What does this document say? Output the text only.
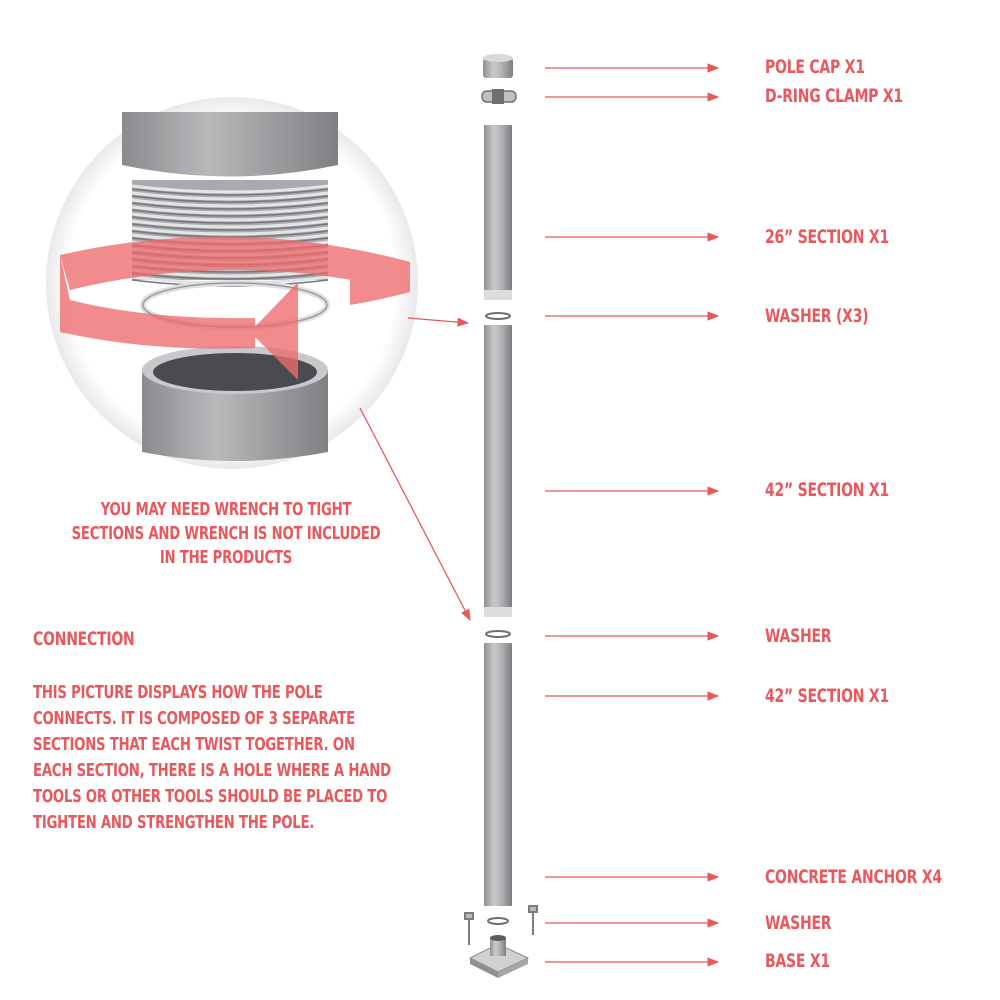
POLE CAP X1
D-RING CLAMP X1
26” SECTION X1
WASHER (X3)
42” SECTION X1
WASHER
42” SECTION X1
CONCRETE ANCHOR X4
WASHER
BASE X1
YOU MAY NEED WRENCH TO TIGHT SECTIONS AND WRENCH IS NOT INCLUDED IN THE PRODUCTS
CONNECTION
THIS PICTURE DISPLAYS HOW THE POLE CONNECTS. IT IS COMPOSED OF 3 SEPARATE SECTIONS THAT EACH TWIST TOGETHER. ON EACH SECTION, THERE IS A HOLE WHERE A HAND TOOLS OR OTHER TOOLS SHOULD BE PLACED TO TIGHTEN AND STRENGTHEN THE POLE.
